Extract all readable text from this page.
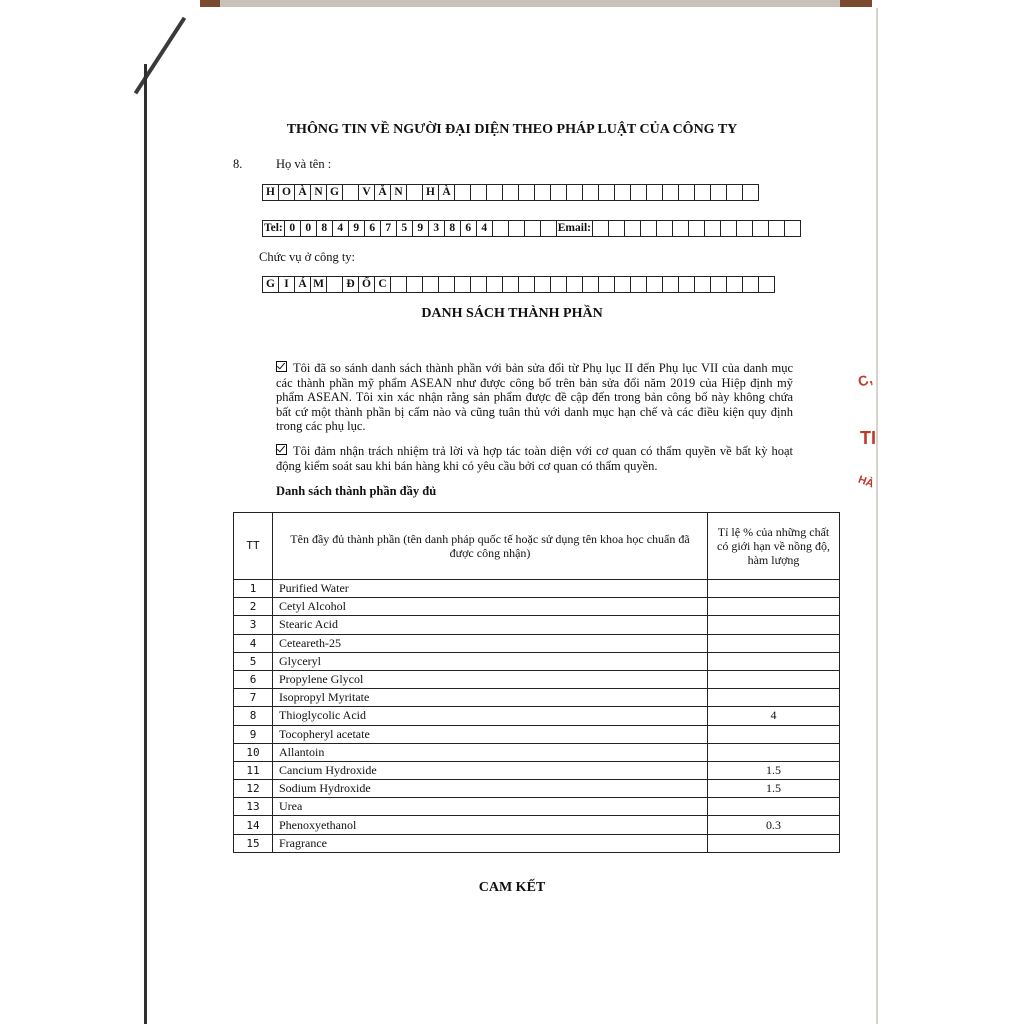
C,
TI
HÀ
THÔNG TIN VỀ NGƯỜI ĐẠI DIỆN THEO PHÁP LUẬT CỦA CÔNG TY
8.	Họ và tên :
H O À N G	V Ă N	H À
Tel: 0 0 8 4 9 6 7 5 9 3 8 6 4	Email:
Chức vụ ở công ty:
G I Á M	Đ Ố C
DANH SÁCH THÀNH PHẦN
Tôi đã so sánh danh sách thành phần với bản sửa đổi từ Phụ lục II đến Phụ lục VII của danh mục các thành phần mỹ phẩm ASEAN như được công bố trên bản sửa đổi năm 2019 của Hiệp định mỹ phẩm ASEAN. Tôi xin xác nhận rằng sản phẩm được đề cập đến trong bản công bố này không chứa bất cứ một thành phần bị cấm nào và cũng tuân thủ với danh mục hạn chế và các điều kiện quy định trong các phụ lục.
Tôi đảm nhận trách nhiệm trả lời và hợp tác toàn diện với cơ quan có thẩm quyền về bất kỳ hoạt động kiểm soát sau khi bán hàng khi có yêu cầu bởi cơ quan có thẩm quyền.
Danh sách thành phần đầy đủ
TT	Tên đầy đủ thành phần (tên danh pháp quốc tế hoặc sử dụng tên khoa học chuẩn đã được công nhận)	Tỉ lệ % của những chất có giới hạn về nồng độ, hàm lượng
1	Purified Water	
2	Cetyl Alcohol	
3	Stearic Acid	
4	Ceteareth-25	
5	Glyceryl	
6	Propylene Glycol	
7	Isopropyl Myritate	
8	Thioglycolic Acid	4
9	Tocopheryl acetate	
10	Allantoin	
11	Cancium Hydroxide	1.5
12	Sodium Hydroxide	1.5
13	Urea	
14	Phenoxyethanol	0.3
15	Fragrance	
CAM KẾT
